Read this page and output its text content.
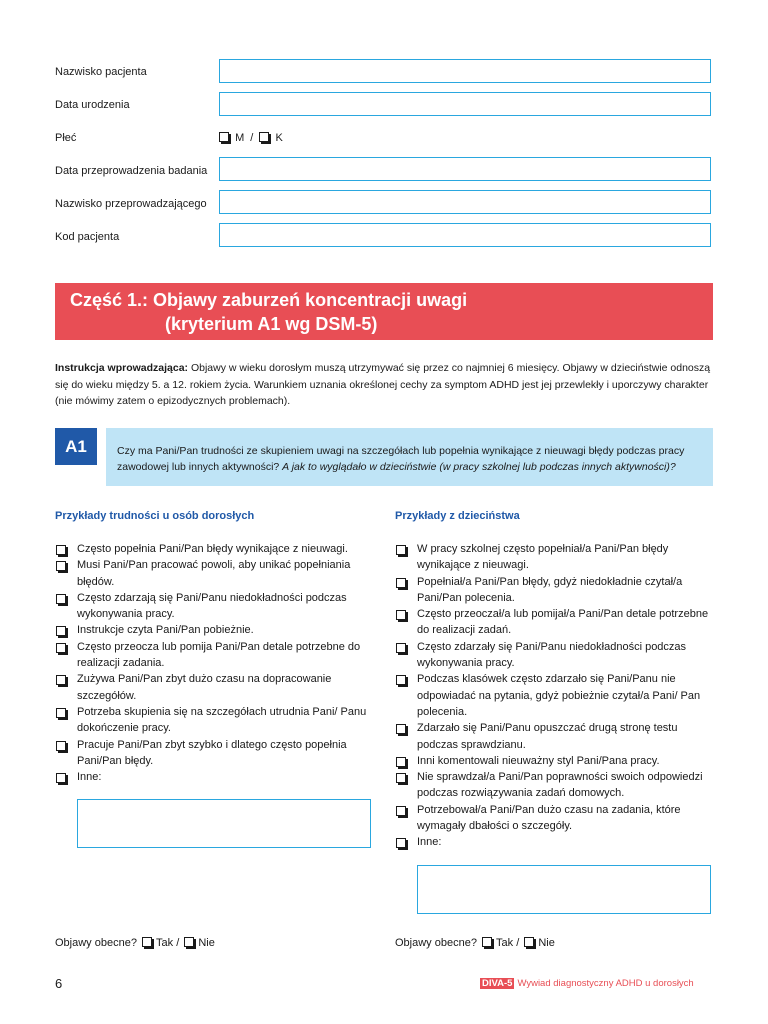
Nazwisko pacjenta
Data urodzenia
Płeć	M / K
Data przeprowadzenia badania
Nazwisko przeprowadzającego
Kod pacjenta
Część 1.: Objawy zaburzeń koncentracji uwagi
(kryterium A1 wg DSM-5)
Instrukcja wprowadzająca: Objawy w wieku dorosłym muszą utrzymywać się przez co najmniej 6 miesięcy. Objawy w dzieciństwie odnoszą się do wieku między 5. a 12. rokiem życia. Warunkiem uznania określonej cechy za symptom ADHD jest jej przewlekły i uporczywy charakter (nie mówimy zatem o epizodycznych problemach).
A1	Czy ma Pani/Pan trudności ze skupieniem uwagi na szczegółach lub popełnia wynikające z nieuwagi błędy podczas pracy zawodowej lub innych aktywności? A jak to wyglądało w dzieciństwie (w pracy szkolnej lub podczas innych aktywności)?
Przykłady trudności u osób dorosłych
Często popełnia Pani/Pan błędy wynikające z nieuwagi.
Musi Pani/Pan pracować powoli, aby unikać popełniania błędów.
Często zdarzają się Pani/Panu niedokładności podczas wykonywania pracy.
Instrukcje czyta Pani/Pan pobieżnie.
Często przeocza lub pomija Pani/Pan detale potrzebne do realizacji zadania.
Zużywa Pani/Pan zbyt dużo czasu na dopracowanie szczegółów.
Potrzeba skupienia się na szczegółach utrudnia Pani/ Panu dokończenie pracy.
Pracuje Pani/Pan zbyt szybko i dlatego często popełnia Pani/Pan błędy.
Inne:
Objawy obecne? Tak / Nie
Przykłady z dzieciństwa
W pracy szkolnej często popełniał/a Pani/Pan błędy wynikające z nieuwagi.
Popełniał/a Pani/Pan błędy, gdyż niedokładnie czytał/a Pani/Pan polecenia.
Często przeoczał/a lub pomijał/a Pani/Pan detale potrzebne do realizacji zadań.
Często zdarzały się Pani/Panu niedokładności podczas wykonywania pracy.
Podczas klasówek często zdarzało się Pani/Panu nie odpowiadać na pytania, gdyż pobieżnie czytał/a Pani/ Pan polecenia.
Zdarzało się Pani/Panu opuszczać drugą stronę testu podczas sprawdzianu.
Inni komentowali nieuważny styl Pani/Pana pracy.
Nie sprawdzał/a Pani/Pan poprawności swoich odpowiedzi podczas rozwiązywania zadań domowych.
Potrzebował/a Pani/Pan dużo czasu na zadania, które wymagały dbałości o szczegóły.
Inne:
Objawy obecne? Tak / Nie
6	DIVA-5 Wywiad diagnostyczny ADHD u dorosłych
